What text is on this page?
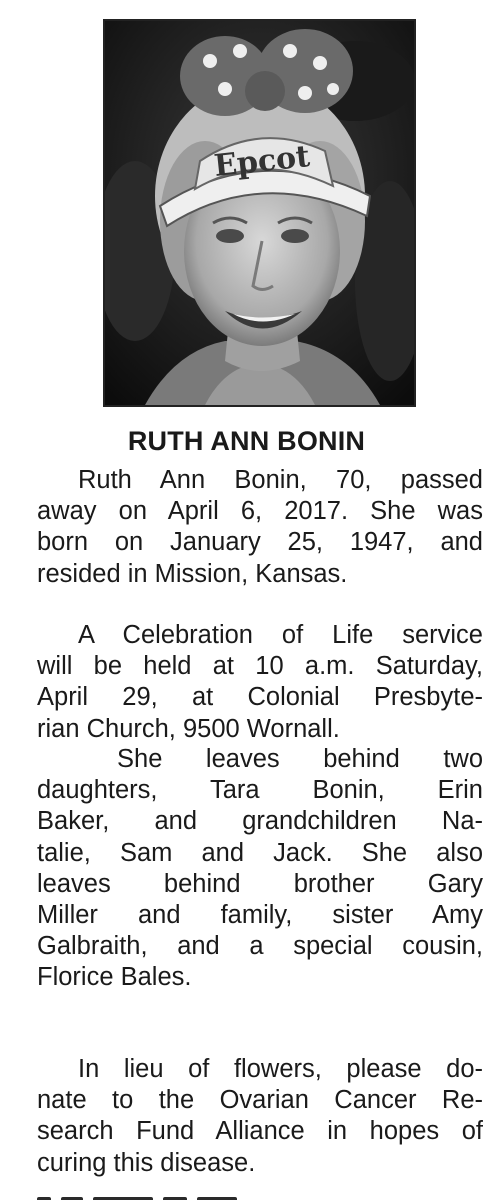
Epcot
RUTH ANN BONIN
Ruth Ann Bonin, 70, passed
away on April 6, 2017. She was
born on January 25, 1947, and
resided in Mission, Kansas.
A Celebration of Life service
will be held at 10 a.m. Saturday,
April 29, at Colonial Presbyte-
rian Church, 9500 Wornall.
She leaves behind two
daughters, Tara Bonin, Erin
Baker, and grandchildren Na-
talie, Sam and Jack. She also
leaves behind brother Gary
Miller and family, sister Amy
Galbraith, and a special cousin,
Florice Bales.
In lieu of flowers, please do-
nate to the Ovarian Cancer Re-
search Fund Alliance in hopes of
curing this disease.
